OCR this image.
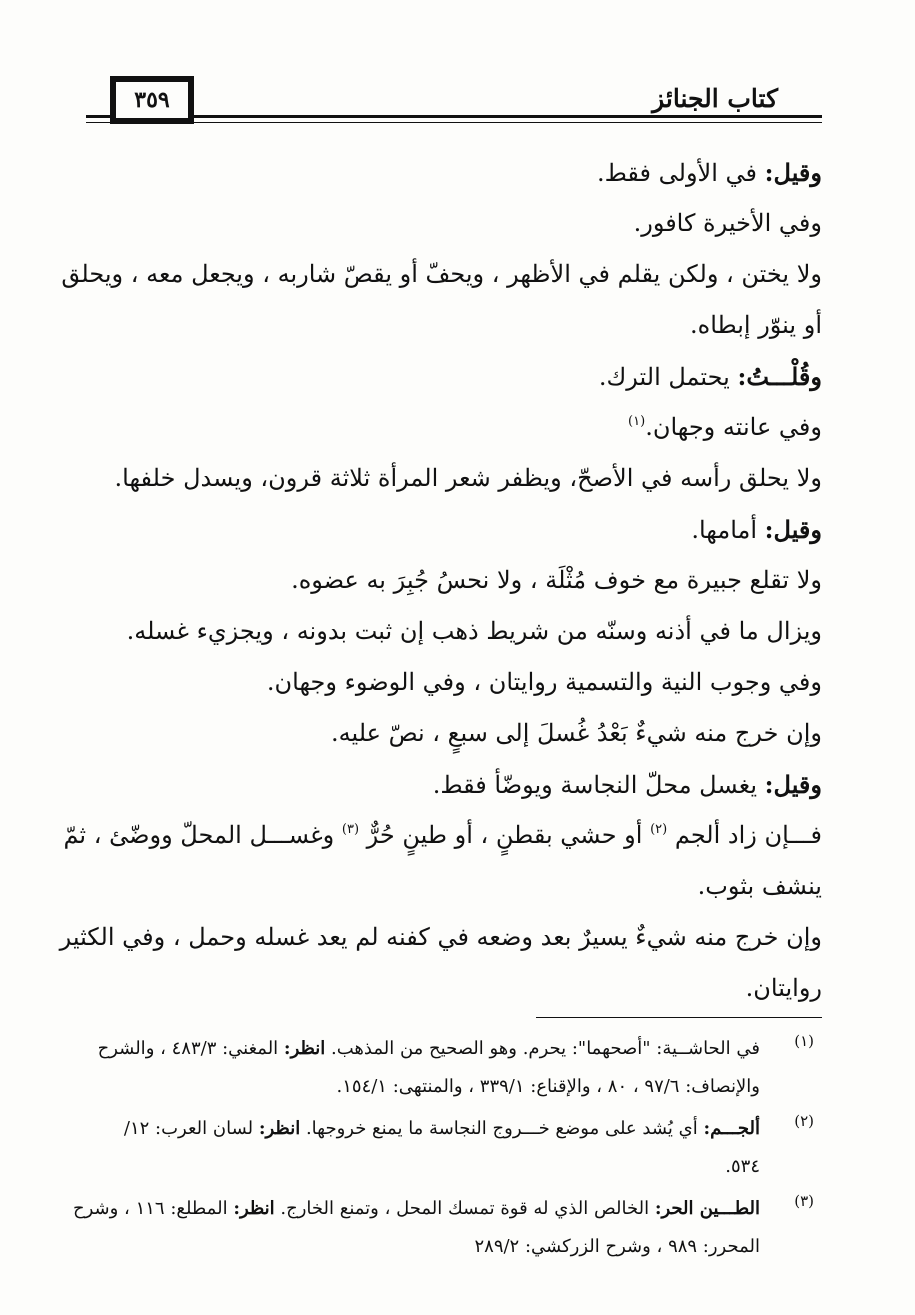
٣٥٩	كتاب الجنائز
وقيل: في الأولى فقط.
وفي الأخيرة كافور.
ولا يختن ، ولكن يقلم في الأظهر ، ويحفّ أو يقصّ شاربه ، ويجعل معه ، ويحلق
أو ينوّر إبطاه.
وقُلْـــتُ: يحتمل الترك.
وفي عانته وجهان.$^{(١)}$
ولا يحلق رأسه في الأصحّ، ويظفر شعر المرأة ثلاثة قرون، ويسدل خلفها.
وقيل: أمامها.
ولا تقلع جبيرة مع خوف مُثْلَة ، ولا نحسُ جُبِرَ به عضوه.
ويزال ما في أذنه وسنّه من شريط ذهب إن ثبت بدونه ، ويجزيء غسله.
وفي وجوب النية والتسمية روايتان ، وفي الوضوء وجهان.
وإن خرج منه شيءٌ بَعْدُ غُسلَ إلى سبعٍ ، نصّ عليه.
وقيل: يغسل محلّ النجاسة ويوضّأ فقط.
فـــإن زاد ألجم $^{(٢)}$ أو حشي بقطنٍ ، أو طينٍ حُرٌّ $^{(٣)}$ وغســـل المحلّ ووضّئ ، ثمّ
ينشف بثوب.
وإن خرج منه شيءٌ يسيرٌ بعد وضعه في كفنه لم يعد غسله وحمل ، وفي الكثير
روايتان.
(١)
في الحاشــية: "أصحهما": يحرم. وهو الصحيح من المذهب. انظر: المغني: ٤٨٣/٣ ، والشرح
والإنصاف: ٩٧/٦ ، ٨٠ ، والإقناع: ٣٣٩/١ ، والمنتهى: ١٥٤/١.
(٢)
ألجـــم: أي يُشد على موضع خـــروج النجاسة ما يمنع خروجها. انظر: لسان العرب: ١٢/
٥٣٤.
(٣)
الطـــين الحر: الخالص الذي له قوة تمسك المحل ، وتمنع الخارج. انظر: المطلع: ١١٦ ، وشرح
المحرر: ٩٨٩ ، وشرح الزركشي: ٢٨٩/٢
